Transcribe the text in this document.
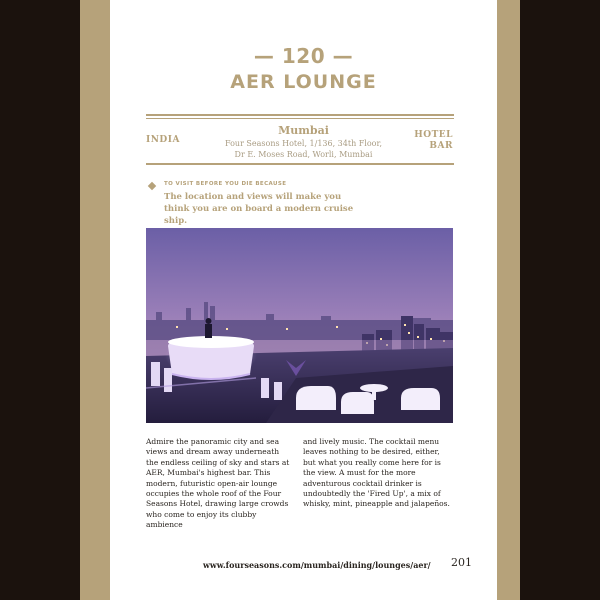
— 120 —
AER LOUNGE
INDIA
Mumbai
Four Seasons Hotel, 1/136, 34th Floor,
Dr E. Moses Road, Worli, Mumbai
HOTEL
BAR
TO VISIT BEFORE YOU DIE BECAUSE
The location and views will make you think you are on board a modern cruise ship.
Admire the panoramic city and sea views and dream away underneath the endless ceiling of sky and stars at AER, Mumbai's highest bar. This modern, futuristic open-air lounge occupies the whole roof of the Four Seasons Hotel, drawing large crowds who come to enjoy its clubby ambience
and lively music. The cocktail menu leaves nothing to be desired, either, but what you really come here for is the view. A must for the more adventurous cocktail drinker is undoubtedly the 'Fired Up', a mix of whisky, mint, pineapple and jalapeños.
www.fourseasons.com/mumbai/dining/lounges/aer/ 201
